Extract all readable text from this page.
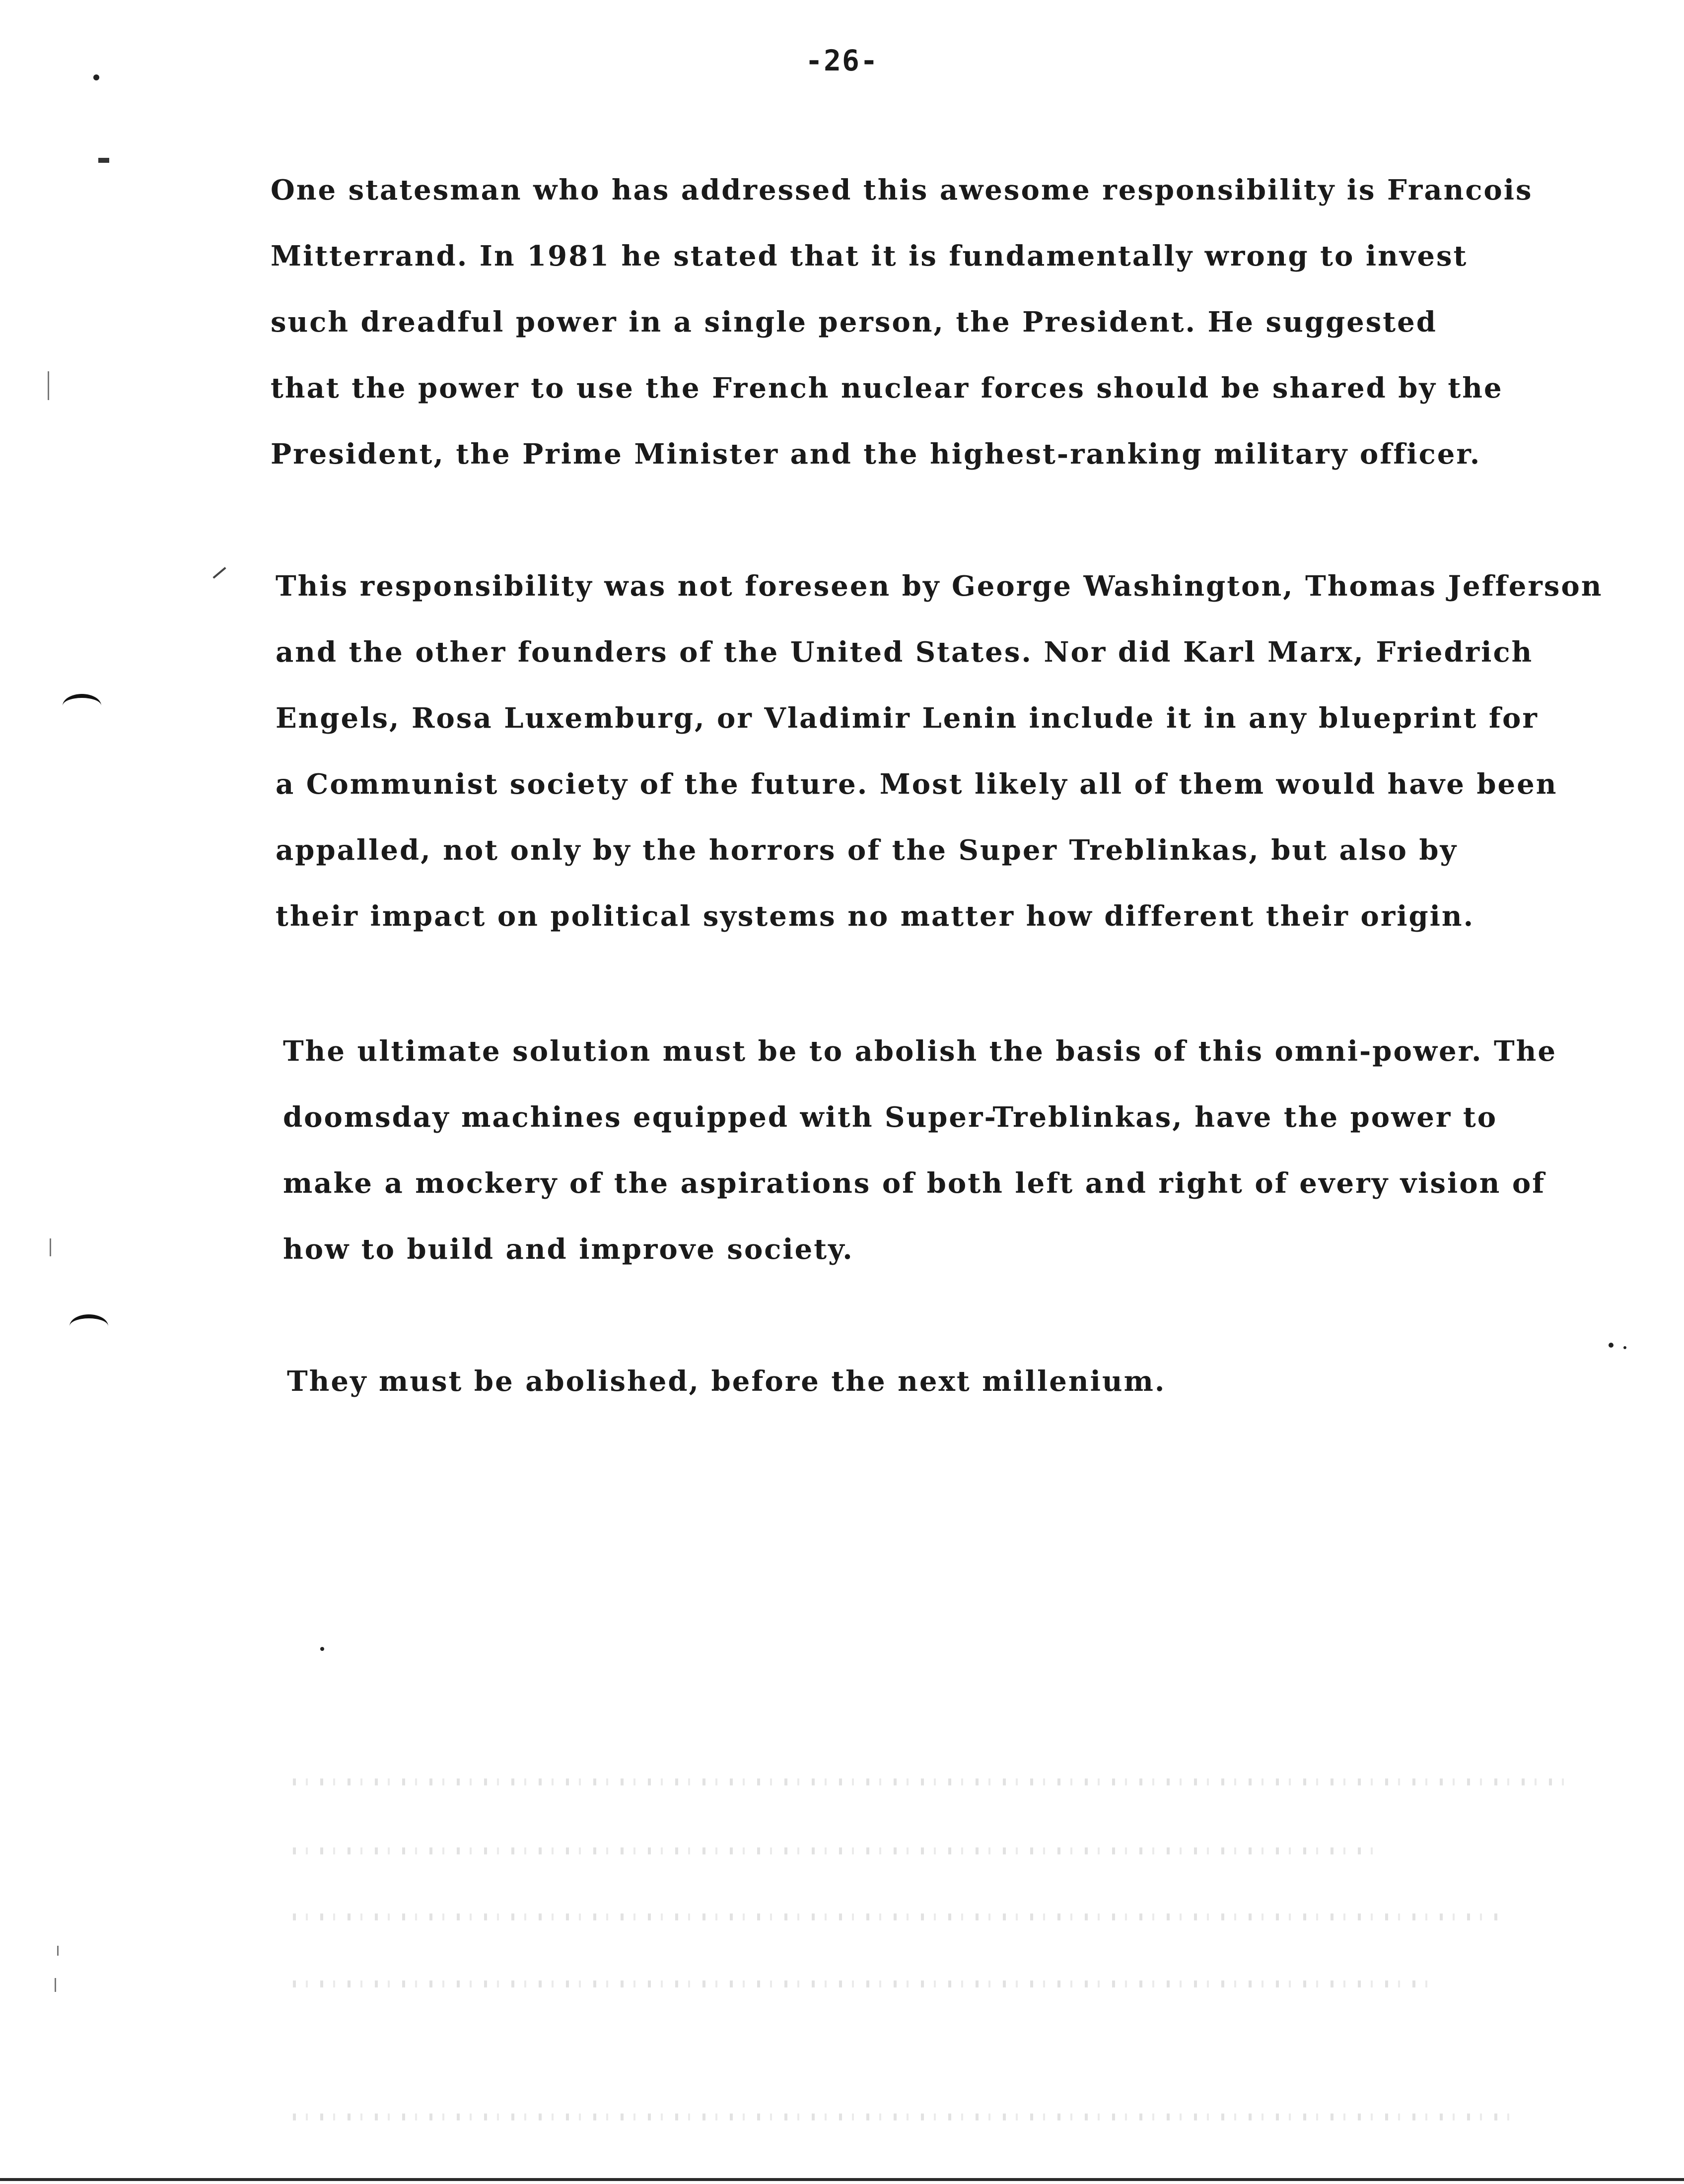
-26-
One statesman who has addressed this awesome responsibility is Francois
Mitterrand. In 1981 he stated that it is fundamentally wrong to invest
such dreadful power in a single person, the President. He suggested
that the power to use the French nuclear forces should be shared by the
President, the Prime Minister and the highest-ranking military officer.
This responsibility was not foreseen by George Washington, Thomas Jefferson
and the other founders of the United States. Nor did Karl Marx, Friedrich
Engels, Rosa Luxemburg, or Vladimir Lenin include it in any blueprint for
a Communist society of the future. Most likely all of them would have been
appalled, not only by the horrors of the Super Treblinkas, but also by
their impact on political systems no matter how different their origin.
The ultimate solution must be to abolish the basis of this omni-power. The
doomsday machines equipped with Super-Treblinkas, have the power to
make a mockery of the aspirations of both left and right of every vision of
how to build and improve society.
They must be abolished, before the next millenium.
